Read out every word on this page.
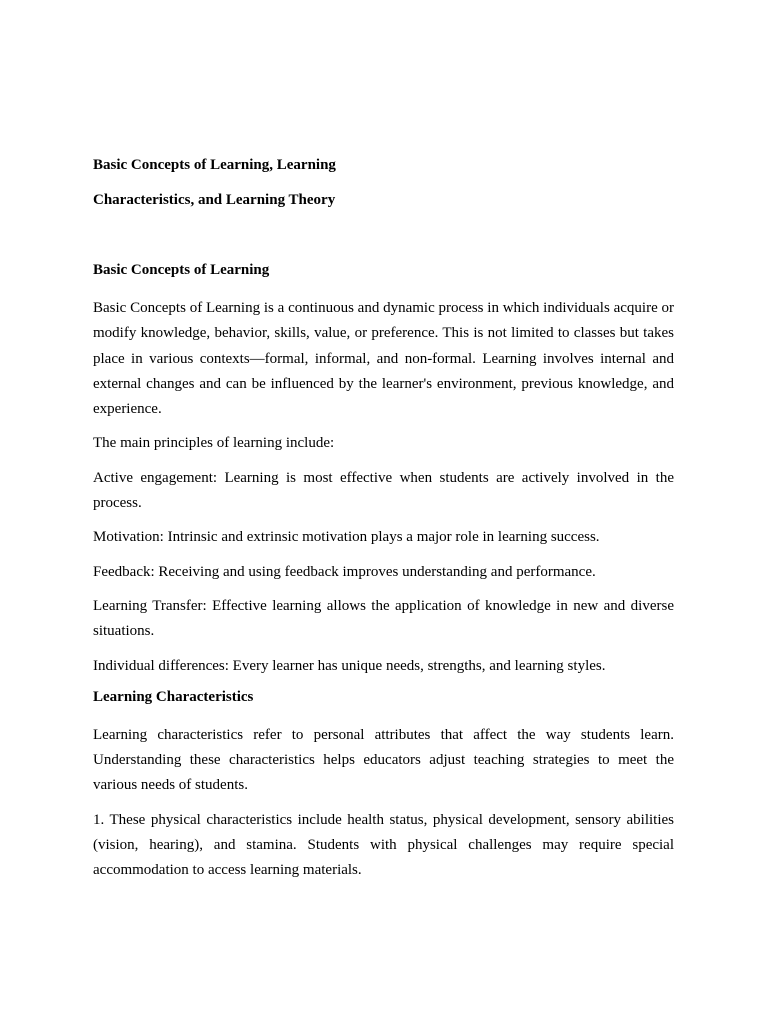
Basic Concepts of Learning, Learning
Characteristics, and Learning Theory
Basic Concepts of Learning

Basic Concepts of Learning is a continuous and dynamic process in which individuals acquire or modify knowledge, behavior, skills, value, or preference. This is not limited to classes but takes place in various contexts—formal, informal, and non-formal. Learning involves internal and external changes and can be influenced by the learner's environment, previous knowledge, and experience.

The main principles of learning include:

Active engagement: Learning is most effective when students are actively involved in the process.

Motivation: Intrinsic and extrinsic motivation plays a major role in learning success.

Feedback: Receiving and using feedback improves understanding and performance.

Learning Transfer: Effective learning allows the application of knowledge in new and diverse situations.

Individual differences: Every learner has unique needs, strengths, and learning styles.

Learning Characteristics

Learning characteristics refer to personal attributes that affect the way students learn. Understanding these characteristics helps educators adjust teaching strategies to meet the various needs of students.

1. These physical characteristics include health status, physical development, sensory abilities (vision, hearing), and stamina. Students with physical challenges may require special accommodation to access learning materials.
